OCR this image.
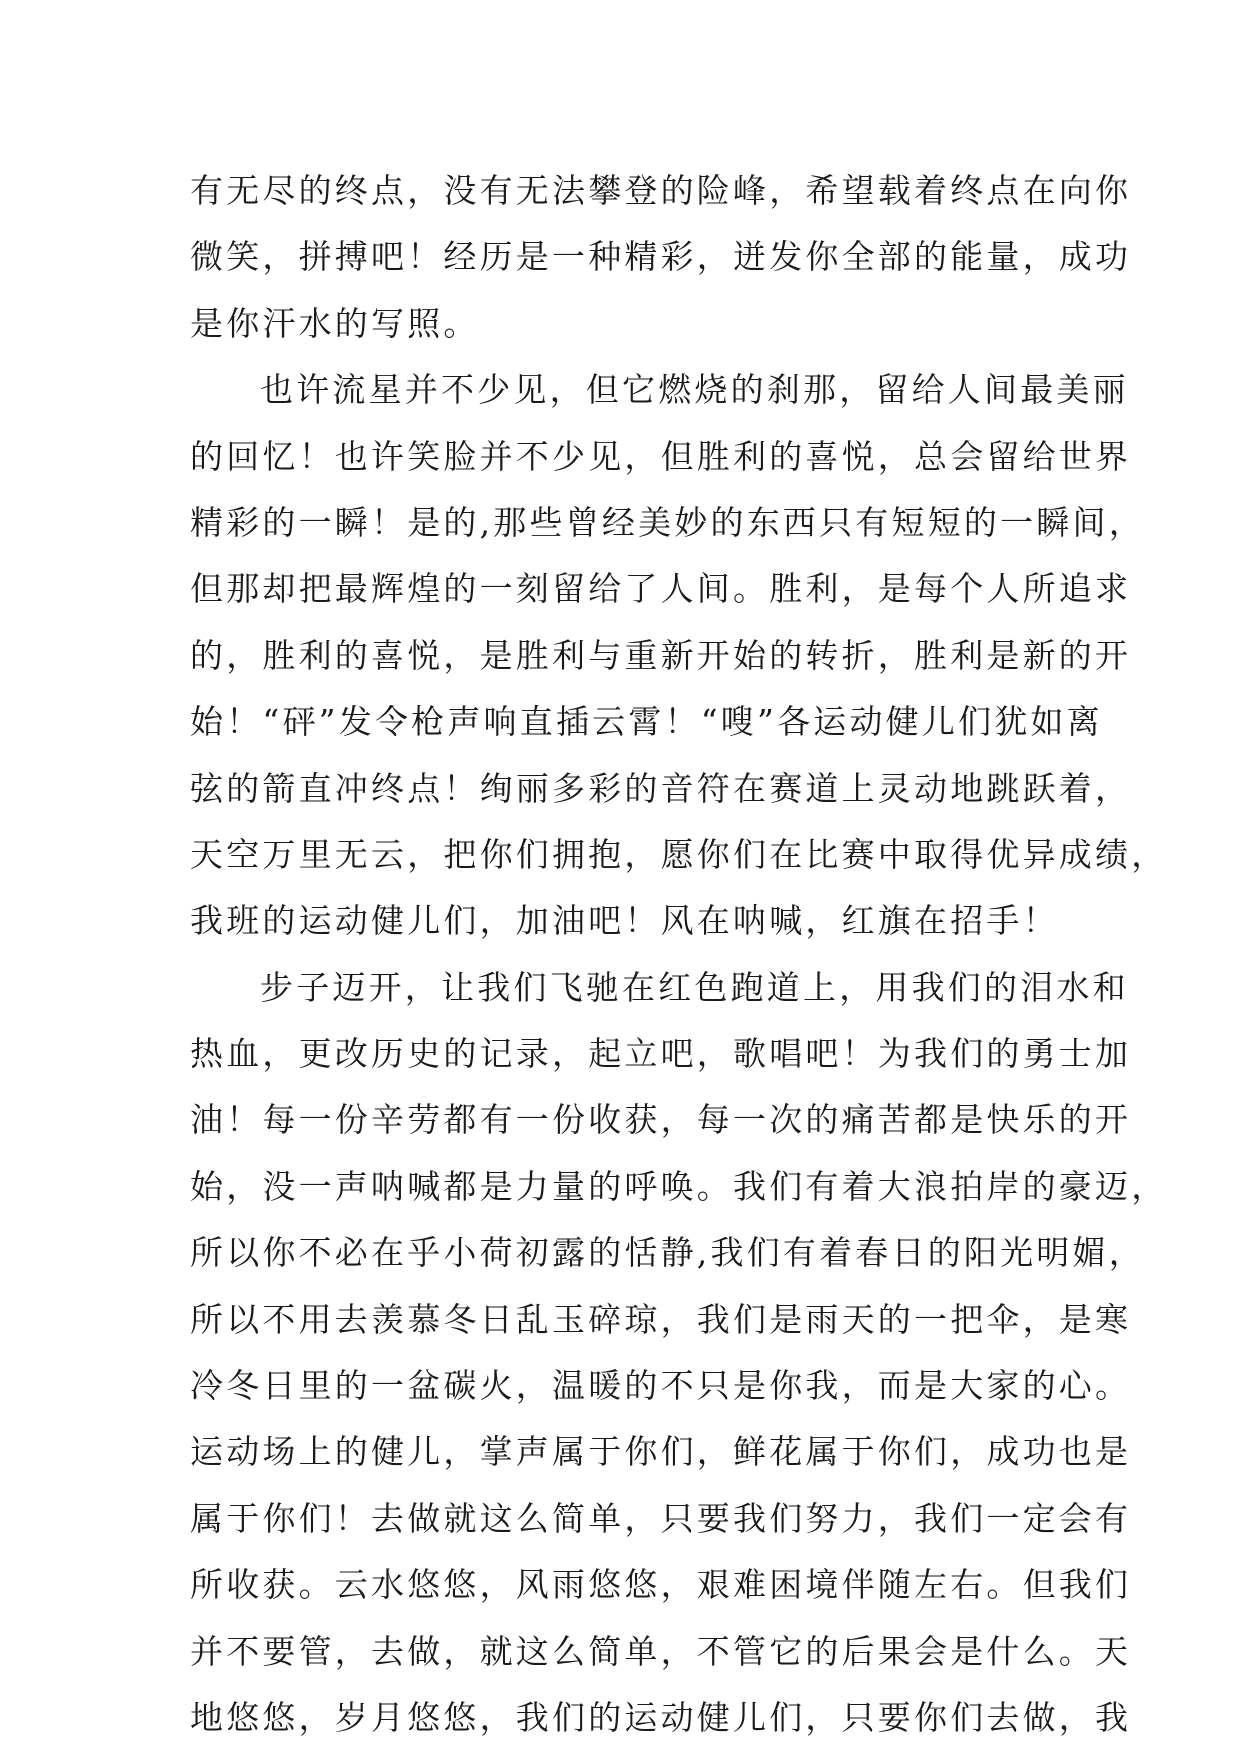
有无尽的终点，没有无法攀登的险峰，希望载着终点在向你
微笑，拼搏吧！经历是一种精彩，迸发你全部的能量，成功
是你汗水的写照。
也许流星并不少见，但它燃烧的刹那，留给人间最美丽
的回忆！也许笑脸并不少见，但胜利的喜悦，总会留给世界
精彩的一瞬！是的,那些曾经美妙的东西只有短短的一瞬间，
但那却把最辉煌的一刻留给了人间。胜利，是每个人所追求
的，胜利的喜悦，是胜利与重新开始的转折，胜利是新的开
始！“砰”发令枪声响直插云霄！“嗖”各运动健儿们犹如离
弦的箭直冲终点！绚丽多彩的音符在赛道上灵动地跳跃着，
天空万里无云，把你们拥抱，愿你们在比赛中取得优异成绩，
我班的运动健儿们，加油吧！风在呐喊，红旗在招手！
步子迈开，让我们飞驰在红色跑道上，用我们的泪水和
热血，更改历史的记录，起立吧，歌唱吧！为我们的勇士加
油！每一份辛劳都有一份收获，每一次的痛苦都是快乐的开
始，没一声呐喊都是力量的呼唤。我们有着大浪拍岸的豪迈，
所以你不必在乎小荷初露的恬静,我们有着春日的阳光明媚，
所以不用去羡慕冬日乱玉碎琼，我们是雨天的一把伞，是寒
冷冬日里的一盆碳火，温暖的不只是你我，而是大家的心。
运动场上的健儿，掌声属于你们，鲜花属于你们，成功也是
属于你们！去做就这么简单，只要我们努力，我们一定会有
所收获。云水悠悠，风雨悠悠，艰难困境伴随左右。但我们
并不要管，去做，就这么简单，不管它的后果会是什么。天
地悠悠，岁月悠悠，我们的运动健儿们，只要你们去做，我
